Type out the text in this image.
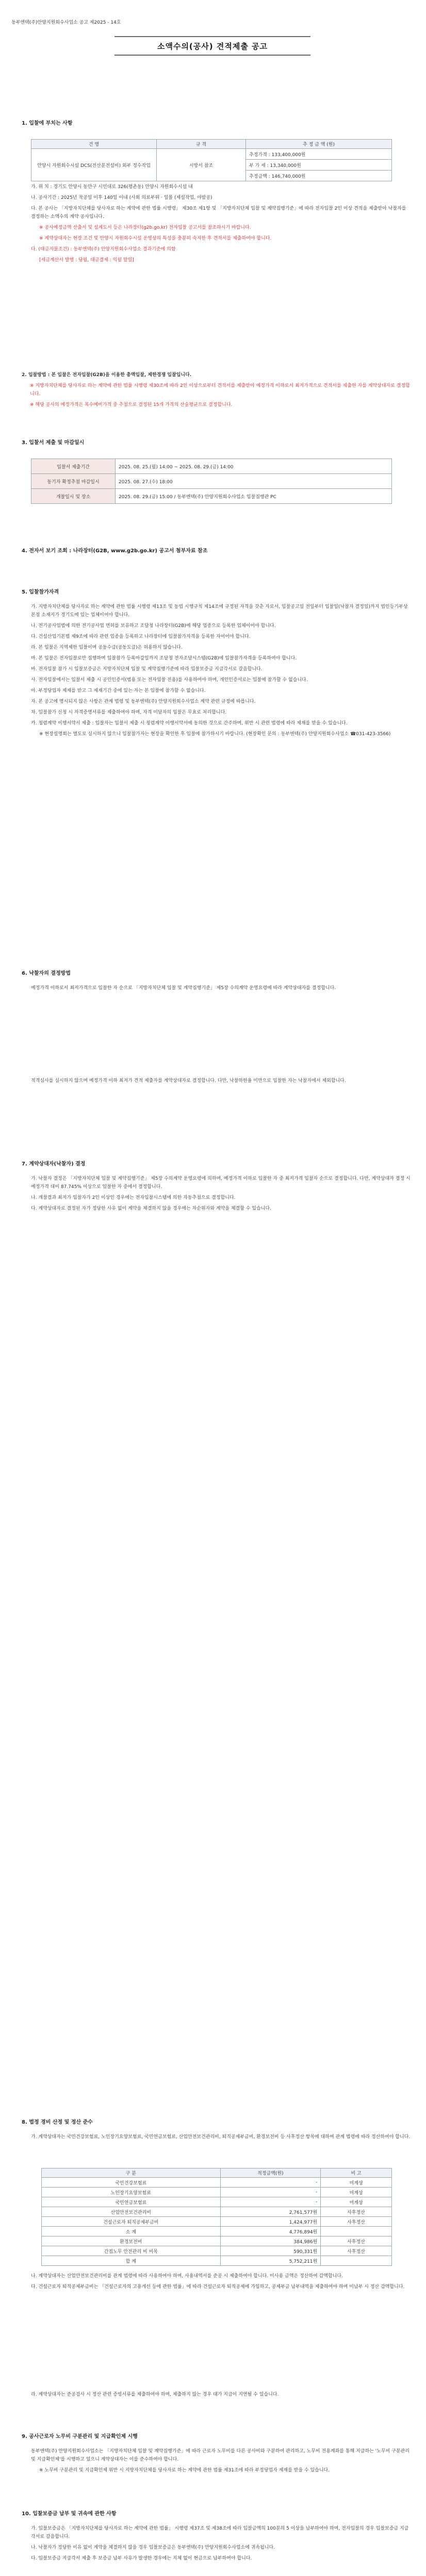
동부엔텍(주)안양지원회수사업소 공고 제2025 - 14호
소액수의(공사) 견적제출 공고
1. 입찰에 부치는 사항
건 명	규 격	추 정 금 액 (원)
안양시 자원회수시설 DCS(전산분전설비) 외부 정수작업	시방서 참조	추정가격 : 133,400,000원
		부 가 세 : 13,340,000원
		추정금액 : 146,740,000원

가. 위 치 : 경기도 안양시 동안구 시민대로 326(평촌동) 안양시 자원회수시설 내

나. 공사기간 : 2025년 착공일 이후 140일 이내 (사회 의료부위 · 일몰 (제설작업, 야밤공)

다. 본 공사는 「지방자치단체를 당사자로 하는 계약에 관한 법률 시행령」 제30조 제1항 및 「지방자치단체 입찰 및 계약집행기준」에 따라 전자입찰 2인 이상 견적을 제출받아 낙찰자를 결정하는 소액수의 계약 공사입니다.

※ 공사예정금액 산출서 및 설계도서 등은 나라장터(g2b.go.kr) 전자입찰 공고서를 참조하시기 바랍니다.

※ 계약상대자는 현장 조건 및 안양시 자원회수시설 운영상의 특성을 충분히 숙지한 후 견적서를 제출하여야 합니다.

다. (대금지불조건) : 동부엔텍(주) 안양지원회수사업소 결과기준에 의함

[세금계산서 발행 : 당월, 대금결제 : 익월 말일]

2. 입찰방법 : 본 입찰은 전자입찰(G2B)을 이용한 총액입찰, 제한경쟁 입찰입니다.

※ 지방자치단체를 당사자로 하는 계약에 관한 법률 시행령 제30조에 따라 2인 이상으로부터 견적서를 제출받아 예정가격 이하로서 최저가격으로 견적서를 제출한 자를 계약상대자로 결정합니다.

※ 해당 공사의 예정가격은 복수예비가격 중 추첨으로 결정된 15개 가격의 산술평균으로 결정합니다.

3. 입찰서 제출 및 마감일시
입찰서 제출기간	2025. 08. 25.(월) 14:00 ~ 2025. 08. 29.(금) 14:00
동기자 확정추첨 마감일시	2025. 08. 27.(수) 18:00
개찰일시 및 장소	2025. 08. 29.(금) 15:00 / 동부엔텍(주) 안양지원회수사업소 입찰집행관 PC
4. 전자서 보기 조회 : 나라장터(G2B, www.g2b.go.kr) 공고서 첨부자료 참조
5. 입찰참가자격

가. 지방자치단체를 당사자로 하는 계약에 관한 법률 시행령 제13조 및 동법 시행규칙 제14조에 규정된 자격을 갖춘 자로서, 입찰공고일 전일부터 입찰일(낙찰자 결정일)까지 법인등기부상 본점 소재지가 경기도에 있는 업체이어야 합니다.

나. 전기공사업법에 의한 전기공사업 면허를 보유하고 조달청 나라장터(G2B)에 해당 업종으로 등록한 업체이어야 합니다.

다. 건설산업기본법 제9조에 따라 관련 업종을 등록하고 나라장터에 입찰참가자격을 등록한 자이어야 합니다.

라. 본 입찰은 지역제한 입찰이며 공동수급(공동도급)은 허용하지 않습니다.

마. 본 입찰은 전자입찰로만 집행하며 입찰참가 등록마감일까지 조달청 전자조달시스템(G2B)에 입찰참가자격을 등록하여야 합니다.

바. 전자입찰 참가 시 입찰보증금은 지방자치단체 입찰 및 계약집행기준에 따라 입찰보증금 지급각서로 갈음합니다.

사. 전자입찰에서는 입찰서 제출 시 공인인증서(범용 또는 전자입찰 전용)를 사용하여야 하며, 개인인증서로는 입찰에 참가할 수 없습니다.

아. 부정당업자 제재를 받고 그 제재기간 중에 있는 자는 본 입찰에 참가할 수 없습니다.

자. 본 공고에 명시되지 않은 사항은 관계 법령 및 동부엔텍(주) 안양지원회수사업소 계약 관련 규정에 따릅니다.

차. 입찰참가 신청 시 자격증명서류를 제출하여야 하며, 자격 미달자의 입찰은 무효로 처리합니다.

카. 청렴계약 이행서약서 제출 : 입찰자는 입찰서 제출 시 청렴계약 이행서약서에 동의한 것으로 간주하며, 위반 시 관련 법령에 따라 제재를 받을 수 있습니다.

※ 현장설명회는 별도로 실시하지 않으니 입찰참가자는 현장을 확인한 후 입찰에 참가하시기 바랍니다. (현장확인 문의 : 동부엔텍(주) 안양지원회수사업소 ☎031-423-3566)

6. 낙찰자의 결정방법

예정가격 이하로서 최저가격으로 입찰한 자 순으로 「지방자치단체 입찰 및 계약집행기준」 제5장 수의계약 운영요령에 따라 계약상대자를 결정합니다.

적격심사를 실시하지 않으며 예정가격 이하 최저가 견적 제출자를 계약상대자로 결정합니다. 다만, 낙찰하한율 미만으로 입찰한 자는 낙찰자에서 제외합니다.

7. 계약상대자(낙찰자) 결정

가. 낙찰자 결정은 「지방자치단체 입찰 및 계약집행기준」 제5장 수의계약 운영요령에 의하며, 예정가격 이하로 입찰한 자 중 최저가격 입찰자 순으로 결정합니다. 다만, 계약상대자 결정 시 예정가격 대비 87.745% 이상으로 입찰한 자 중에서 결정합니다.

나. 개찰결과 최저가 입찰자가 2인 이상인 경우에는 전자입찰시스템에 의한 자동추첨으로 결정합니다.

다. 계약상대자로 결정된 자가 정당한 사유 없이 계약을 체결하지 않을 경우에는 차순위자와 계약을 체결할 수 있습니다.

8. 법정 경비 산정 및 정산 준수

가. 계약상대자는 국민건강보험료, 노인장기요양보험료, 국민연금보험료, 산업안전보건관리비, 퇴직공제부금비, 환경보전비 등 사후정산 항목에 대하여 관계 법령에 따라 정산하여야 합니다.

구 분	적정금액(원)	비 고
국민건강보험료	-	미계상
노인장기요양보험료	-	미계상
국민연금보험료	-	미계상
산업안전보건관리비	2,761,577원	사후정산
건설근로자 퇴직공제부금비	1,424,977원	사후정산
소 계	4,776,894원	
환경보전비	384,986원	사후정산
간접노무 안전관리 비 비목	590,331원	사후정산
합 계	5,752,211원	

나. 계약상대자는 산업안전보건관리비를 관계 법령에 따라 사용하여야 하며, 사용내역서를 준공 시 제출하여야 합니다. 미사용 금액은 정산하여 감액합니다.

다. 건설근로자 퇴직공제부금비는 「건설근로자의 고용개선 등에 관한 법률」에 따라 건설근로자 퇴직공제에 가입하고, 공제부금 납부내역을 제출하여야 하며 미납부 시 정산 감액합니다.

라. 계약상대자는 준공검사 시 정산 관련 증빙서류를 제출하여야 하며, 제출하지 않는 경우 대가 지급이 지연될 수 있습니다.

9. 공사근로자 노무비 구분관리 및 지급확인제 시행

동부엔텍(주) 안양지원회수사업소는 「지방자치단체 입찰 및 계약집행기준」에 따라 근로자 노무비를 다른 공사비와 구분하여 관리하고, 노무비 전용계좌를 통해 지급하는 '노무비 구분관리 및 지급확인제'를 시행하고 있으니 계약상대자는 이를 준수하여야 합니다.

※ 노무비 구분관리 및 지급확인제 위반 시 지방자치단체를 당사자로 하는 계약에 관한 법률 제31조에 따라 부정당업자 제재를 받을 수 있습니다.

10. 입찰보증금 납부 및 귀속에 관한 사항

가. 입찰보증금은 「지방자치단체를 당사자로 하는 계약에 관한 법률」 시행령 제37조 및 제38조에 따라 입찰금액의 100분의 5 이상을 납부하여야 하며, 전자입찰의 경우 입찰보증금 지급각서로 갈음합니다.

나. 낙찰자가 정당한 이유 없이 계약을 체결하지 않을 경우 입찰보증금은 동부엔텍(주) 안양지원회수사업소에 귀속됩니다.

다. 입찰보증금 지급각서 제출 후 보증금 납부 사유가 발생한 경우에는 지체 없이 현금으로 납부하여야 합니다.
